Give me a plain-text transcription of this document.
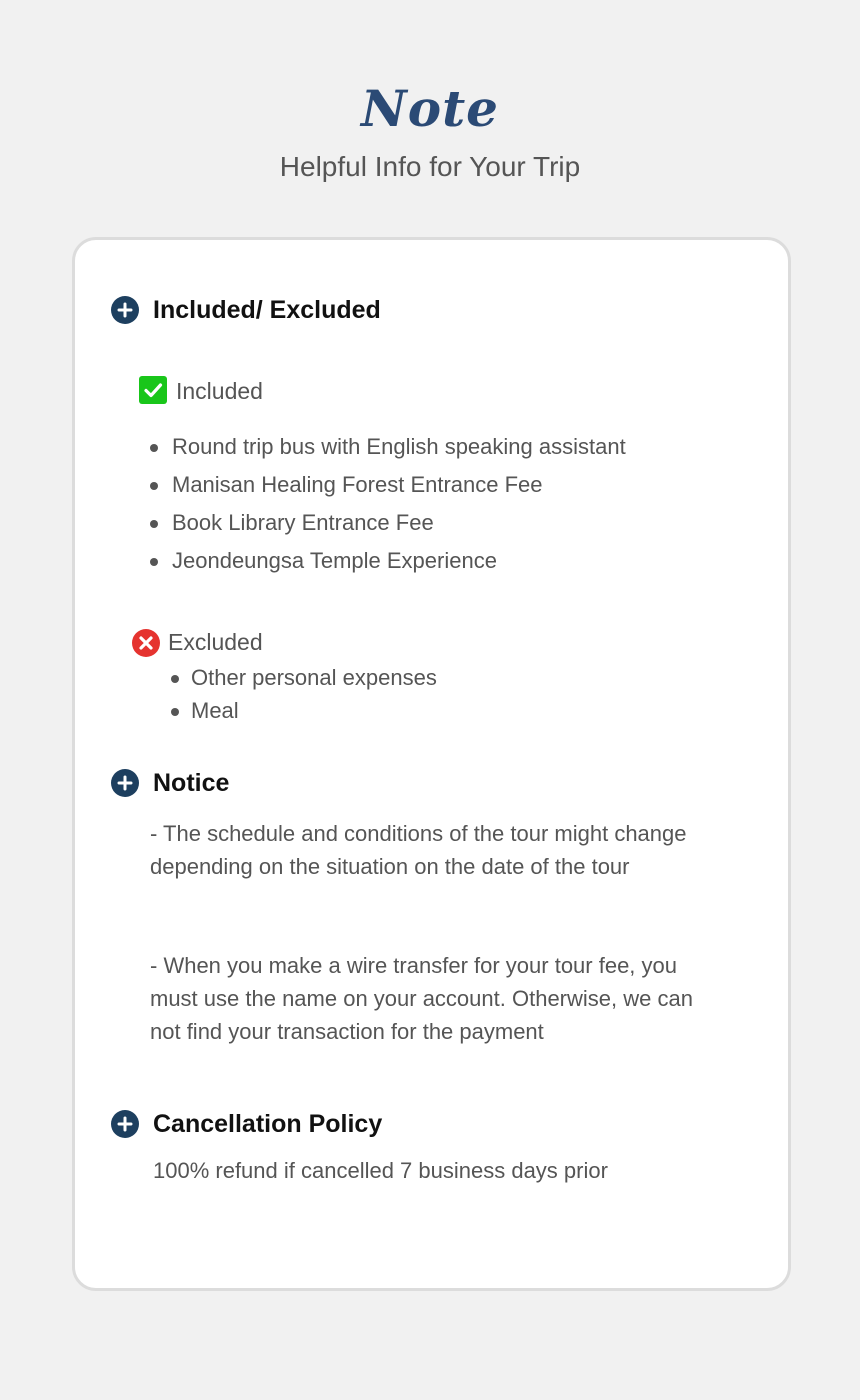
Note
Helpful Info for Your Trip
Included/ Excluded
Included
Round trip bus with English speaking assistant
Manisan Healing Forest Entrance Fee
Book Library Entrance Fee
Jeondeungsa Temple Experience
Excluded
Other personal expenses
Meal
Notice

- The schedule and conditions of the tour might change depending on the situation on the date of the tour

- When you make a wire transfer for your tour fee, you must use the name on your account. Otherwise, we can not find your transaction for the payment

Cancellation Policy
100% refund if cancelled 7 business days prior
